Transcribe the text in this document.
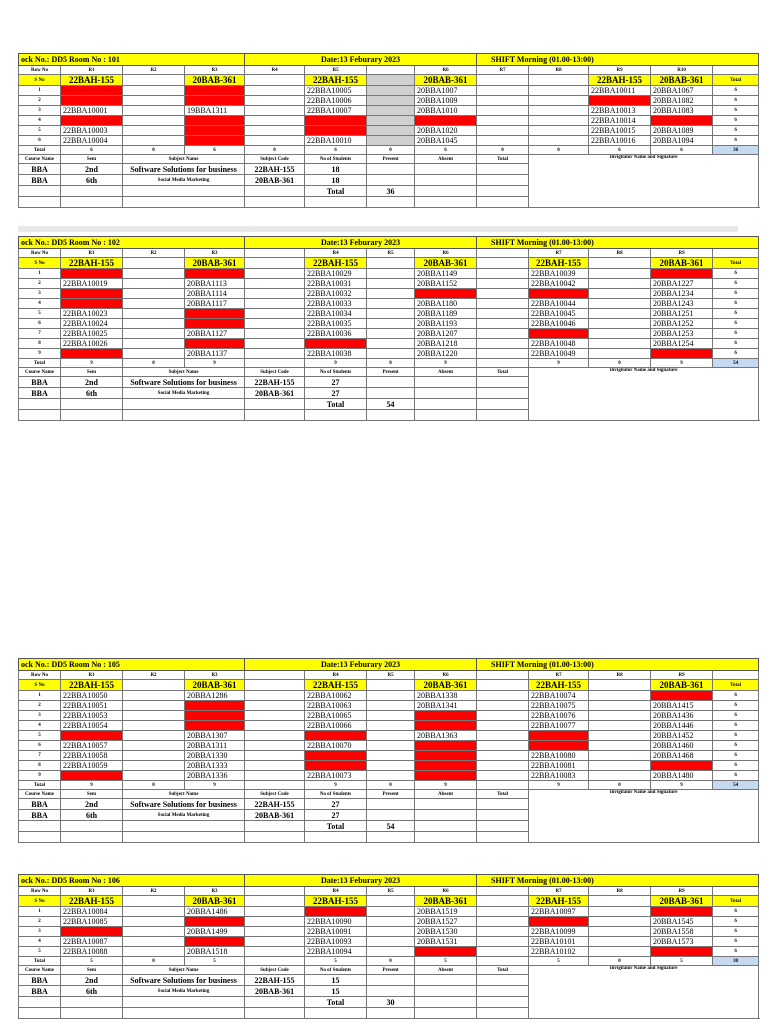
ock No.: DD5 Room No : 101				Date:13 Feburary 2023				SHIFT Morning (01.00-13:00)				
Row No	R1	R2	R3	R4	R5		R6	R7	R8	R9	R10	
S No	22BAH-155		20BAB-361		22BAH-155		20BAB-361			22BAH-155	20BAB-361	Total
1	21BBA1717		19BBA1030		22BBA10005		20BBA1007			22BBA10011	20BBA1067	6
2	21BBA3118		19BBA1232		22BBA10006		20BBA1009			22BBA10012	20BBA1082	6
3	22BBA10001		19BBA1311		22BBA10007		20BBA1010			22BBA10013	20BBA1083	6
4	22BBA10002		19BBA1338		22BBA10008		20BBA1012			22BBA10014	20BBA1087	6
5	22BBA10003		20BBA1004		22BBA10009		20BBA1020			22BBA10015	20BBA1089	6
6	22BBA10004		20BBA1006		22BBA10010		20BBA1045			22BBA10016	20BBA1094	6
Total	6	0	6	0	6	0	6	0	0	6	6	36
Course Name	Sem	Subject Name		Subject Code	No of Students	Present	Absent	Total	Invigilator Name and Signature			
BBA	2nd	Software Solutions for business		22BAH-155	18							
BBA	6th	Social Media Marketing		20BAB-361	18							
					Total	36						

ock No.: DD5 Room No : 102				Date:13 Feburary 2023				SHIFT Morning (01.00-13:00)				
Row No	R1	R2	R3		R4	R5	R6		R7	R8	R9	
S No	22BAH-155		20BAB-361		22BAH-155		20BAB-361		22BAH-155		20BAB-361	Total
1	22BBA10018		20BBA1109		22BBA10029		20BBA1149		22BBA10039		20BBA1225	6
2	22BBA10019		20BBA1113		22BBA10031		20BBA1152		22BBA10042		20BBA1227	6
3	22BBA10020		20BBA1114		22BBA10032		20BBA1161		22BBA10043		20BBA1234	6
4	22BBA10021		20BBA1117		22BBA10033		20BBA1180		22BBA10044		20BBA1243	6
5	22BBA10023		20BBA1121		22BBA10034		20BBA1189		22BBA10045		20BBA1251	6
6	22BBA10024		20BBA1126		22BBA10035		20BBA1193		22BBA10046		20BBA1252	6
7	22BBA10025		20BBA1127		22BBA10036		20BBA1207		22BBA10047		20BBA1253	6
8	22BBA10026		20BBA1130		22BBA10037		20BBA1218		22BBA10048		20BBA1254	6
9	22BBA10027		20BBA1137		22BBA10038		20BBA1220		22BBA10049		20BBA1256	6
Total	9	0	9		9	0	9		9	0	9	54
Course Name	Sem	Subject Name		Subject Code	No of Students	Present	Absent	Total	Invigilator Name and Signature			
BBA	2nd	Software Solutions for business		22BAH-155	27							
BBA	6th	Social Media Marketing		20BAB-361	27							
					Total	54						

ock No.: DD5 Room No : 105				Date:13 Feburary 2023				SHIFT Morning (01.00-13:00)				
Row No	R1	R2	R3		R4	R5	R6		R7	R8	R9	
S No	22BAH-155		20BAB-361		22BAH-155		20BAB-361		22BAH-155		20BAB-361	Total
1	22BBA10050		20BBA1286		22BBA10062		20BBA1338		22BBA10074		20BBA1398	6
2	22BBA10051		20BBA1292		22BBA10063		20BBA1341		22BBA10075		20BBA1415	6
3	22BBA10053		20BBA1302		22BBA10065		20BBA1342		22BBA10076		20BBA1436	6
4	22BBA10054		20BBA1305		22BBA10066		20BBA1352		22BBA10077		20BBA1446	6
5	22BBA10055		20BBA1307		22BBA10067		20BBA1363		22BBA10078		20BBA1452	6
6	22BBA10057		20BBA1311		22BBA10070		20BBA1370		22BBA10079		20BBA1460	6
7	22BBA10058		20BBA1330		22BBA10071		20BBA1381		22BBA10080		20BBA1468	6
8	22BBA10059		20BBA1333		22BBA10072		20BBA1387		22BBA10081		20BBA1473	6
9	22BBA10060		20BBA1336		22BBA10073		20BBA1391		22BBA10083		20BBA1480	6
Total	9	0	9		9	0	9		9	0	9	54
Course Name	Sem	Subject Name		Subject Code	No of Students	Present	Absent	Total	Invigilator Name and Signature			
BBA	2nd	Software Solutions for business		22BAH-155	27							
BBA	6th	Social Media Marketing		20BAB-361	27							
					Total	54						

ock No.: DD5 Room No : 106				Date:13 Feburary 2023				SHIFT Morning (01.00-13:00)				
Row No	R1	R2	R3		R4	R5	R6		R7	R8	R9	
S No	22BAH-155		20BAB-361		22BAH-155		20BAB-361		22BAH-155		20BAB-361	Total
1	22BBA10084		20BBA1486		22BBA10089		20BBA1519		22BBA10097		20BBA1544	6
2	22BBA10085		20BBA1487		22BBA10090		20BBA1527		22BBA10098		20BBA1545	6
3	22BBA10086		20BBA1499		22BBA10091		20BBA1530		22BBA10099		20BBA1558	6
4	22BBA10087		20BBA1502		22BBA10093		20BBA1531		22BBA10101		20BBA1573	6
5	22BBA10088		20BBA1518		22BBA10094		20BBA1542		22BBA10102		20BBA1574	6
Total	5	0	5		5	0	5		5	0	5	30
Course Name	Sem	Subject Name		Subject Code	No of Students	Present	Absent	Total	Invigilator Name and Signature			
BBA	2nd	Software Solutions for business		22BAH-155	15							
BBA	6th	Social Media Marketing		20BAB-361	15							
					Total	30						
